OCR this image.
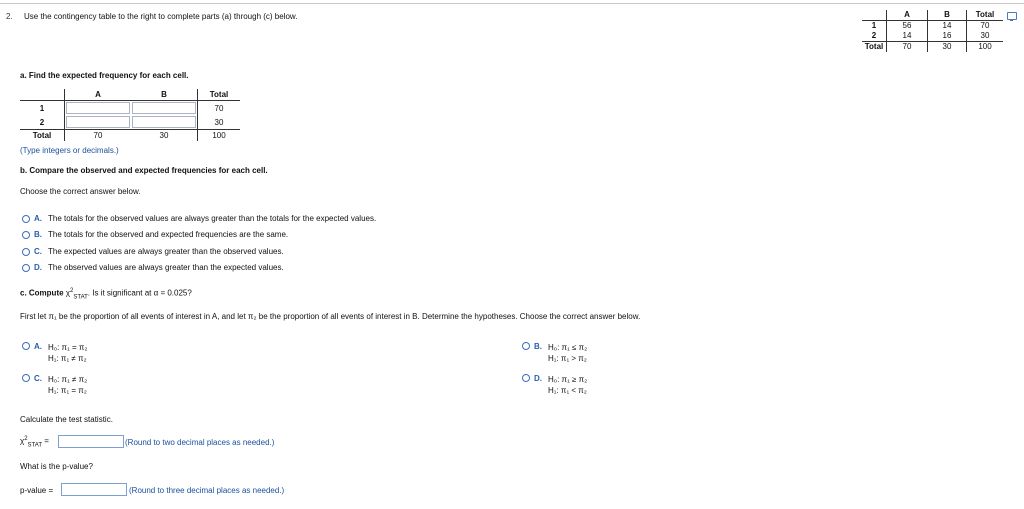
2. Use the contingency table to the right to complete parts (a) through (c) below.
		A	B	Total
1	56	14	70
2	14	16	30
Total	70	30	100
a. Find the expected frequency for each cell.
	A	B	Total
1			70
2			30
Total	70	30	100
(Type integers or decimals.)
b. Compare the observed and expected frequencies for each cell.
Choose the correct answer below.
A. The totals for the observed values are always greater than the totals for the expected values.
B. The totals for the observed and expected frequencies are the same.
C. The expected values are always greater than the observed values.
D. The observed values are always greater than the expected values.
c. Compute $\chi^2_{STAT}$. Is it significant at α = 0.025?
First let π₁ be the proportion of all events of interest in A, and let π₂ be the proportion of all events of interest in B. Determine the hypotheses. Choose the correct answer below.
A. H₀: π₁ = π₂
H₁: π₁ ≠ π₂
C. H₀: π₁ ≠ π₂
H₁: π₁ = π₂
B. H₀: π₁ ≤ π₂
H₁: π₁ > π₂
D. H₀: π₁ ≥ π₂
H₁: π₁ < π₂
Calculate the test statistic.
$\chi^2_{STAT}$ =	(Round to two decimal places as needed.)
What is the p-value?
p-value =	(Round to three decimal places as needed.)
